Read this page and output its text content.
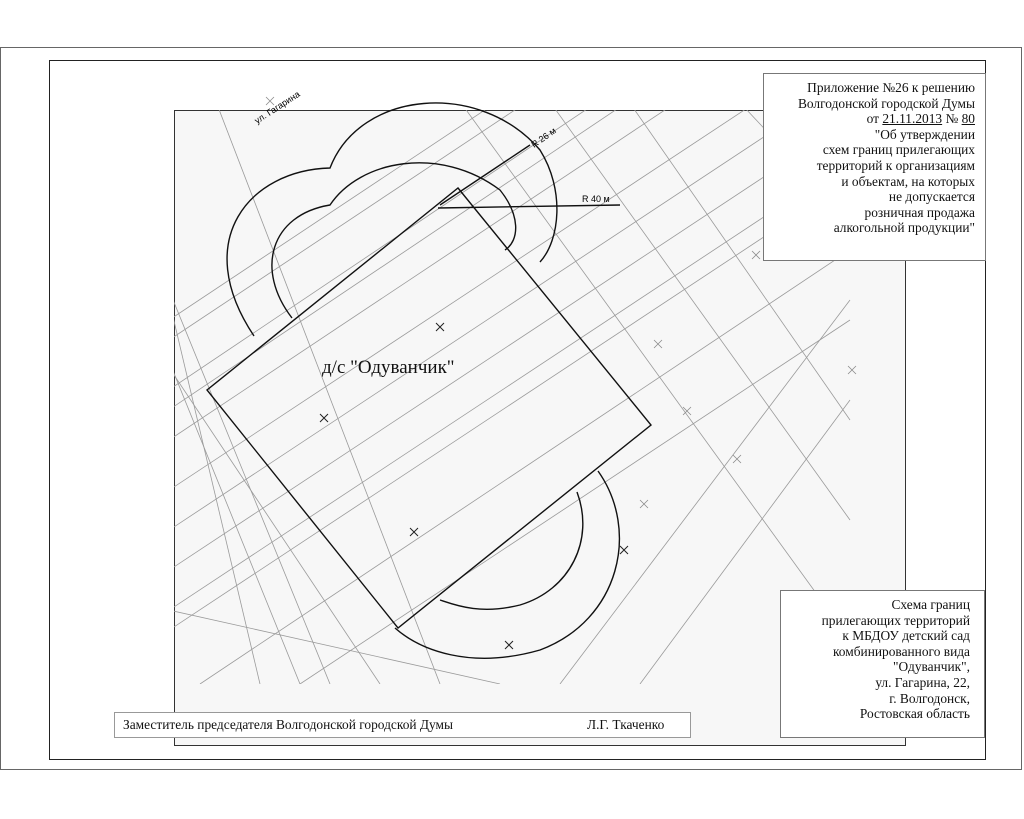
R 40 м
R 26 м
ул. Гагарина
д/с "Одуванчик"
Приложение №26 к решению
Волгодонской городской Думы
от 21.11.2013 № 80
"Об утверждении
схем границ прилегающих
территорий к организациям
и объектам, на которых
не допускается
розничная продажа
алкогольной продукции"
Схема границ
прилегающих территорий
к МБДОУ детский сад
комбинированного вида
"Одуванчик",
ул. Гагарина, 22,
г. Волгодонск,
Ростовская область
Заместитель председателя Волгодонской городской Думы	Л.Г. Ткаченко
